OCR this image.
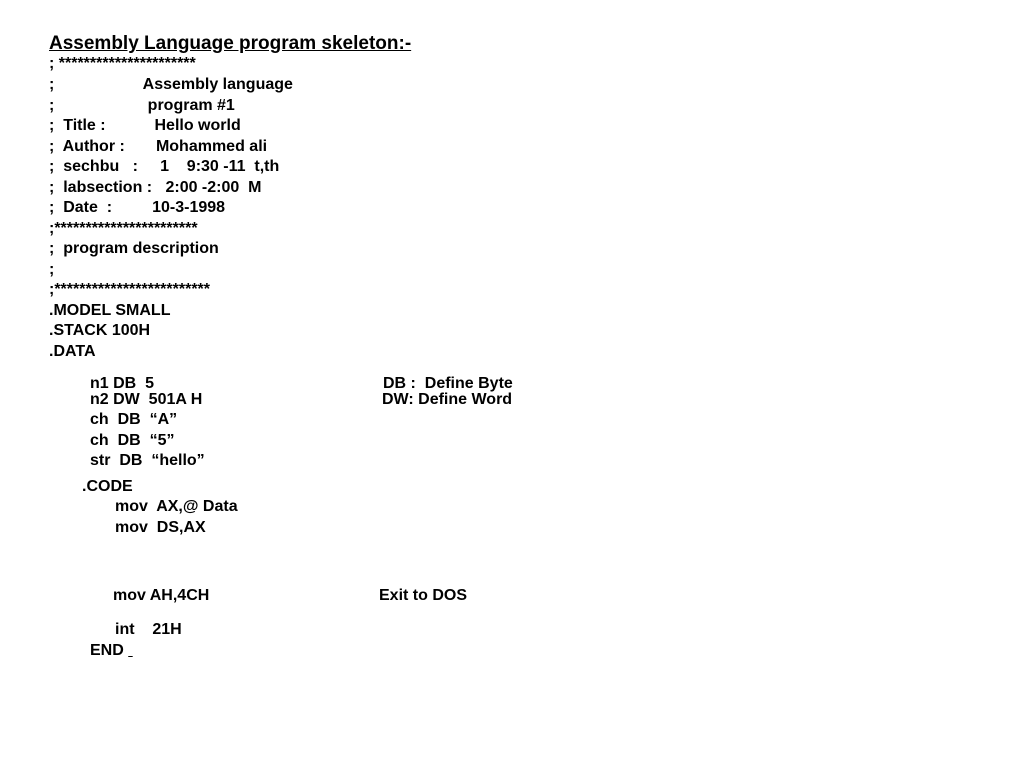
Assembly Language program skeleton:-
; **********************
;                    Assembly language
;                     program #1
;  Title :           Hello world
;  Author :       Mohammed ali
;  sechbu   :     1    9:30 -11  t,th
;  labsection :   2:00 -2:00  M
;  Date  :         10-3-1998
;***********************
;  program description
;
;*************************
.MODEL SMALL
.STACK 100H
.DATA
n1 DB  5	DB :  Define Byte
n2 DW  501A H	DW: Define Word
ch  DB  “A”
ch  DB  “5”
str  DB  “hello”
.CODE
mov  AX,@ Data
mov  DS,AX
mov AH,4CH	Exit to DOS
int    21H
END
